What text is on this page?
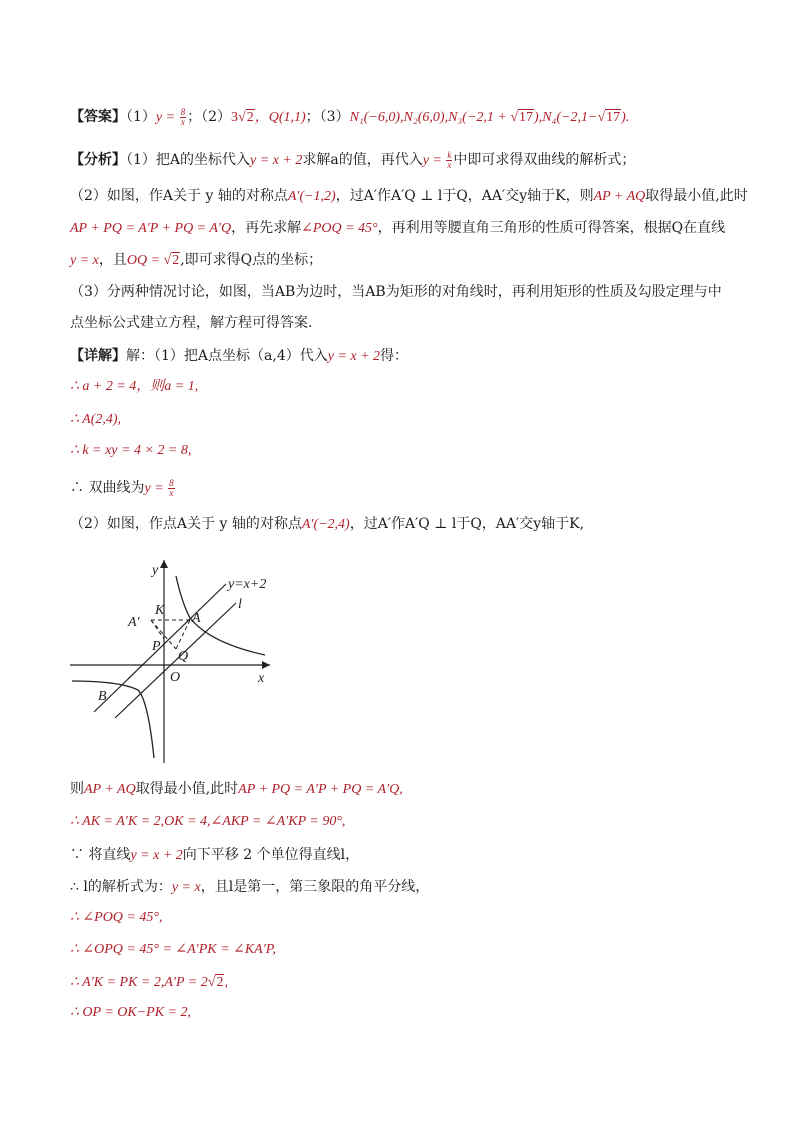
【答案】$(1)y = \frac{8}{x}$ ；（2）3√2，Q(1,1)；（3）N₁(−6,0),N₂(6,0),N₃(−2,1 + √17),N₄(−2,1−√17).
【分析】（1）把A的坐标代入y = x + 2求解a的值，再代入$y = \frac{k}{x}$ 中即可求得双曲线的解析式；
（2）如图，作A关于 y 轴的对称点A′(−1,2)，过A′作A′Q ⊥ l于Q，AA′交y轴于K，则AP + AQ取得最小值,此时
AP + PQ = A′P + PQ = A′Q，再先求解∠POQ = 45°，再利用等腰直角三角形的性质可得答案，根据Q在直线
y = x，且OQ = √2,即可求得Q点的坐标；
（3）分两种情况讨论，如图，当AB为边时，当AB为矩形的对角线时，再利用矩形的性质及勾股定理与中
点坐标公式建立方程，解方程可得答案.
【详解】解：（1）把A点坐标（a,4）代入y = x + 2得：
∴ a + 2 = 4，则a = 1,
∴ A(2,4),
∴ k = xy = 4 × 2 = 8,
∴ 双曲线为$y = \frac{8}{x}$
（2）如图，作点A关于 y 轴的对称点A′(−2,4)，过A′作A′Q ⊥ l于Q，AA′交y轴于K,
y
x
O
y=x+2
l
A
A′
K
P
Q
B
则AP + AQ取得最小值,此时AP + PQ = A′P + PQ = A′Q,
∴ AK = A′K = 2,OK = 4,∠AKP = ∠A′KP = 90°,
∵ 将直线y = x + 2向下平移 2 个单位得直线l，
∴ l的解析式为：y = x，且l是第一，第三象限的角平分线，
∴ ∠POQ = 45°,
∴ ∠OPQ = 45° = ∠A′PK = ∠KA′P,
∴ A′K = PK = 2,A′P = 2√2,
∴ OP = OK−PK = 2,
